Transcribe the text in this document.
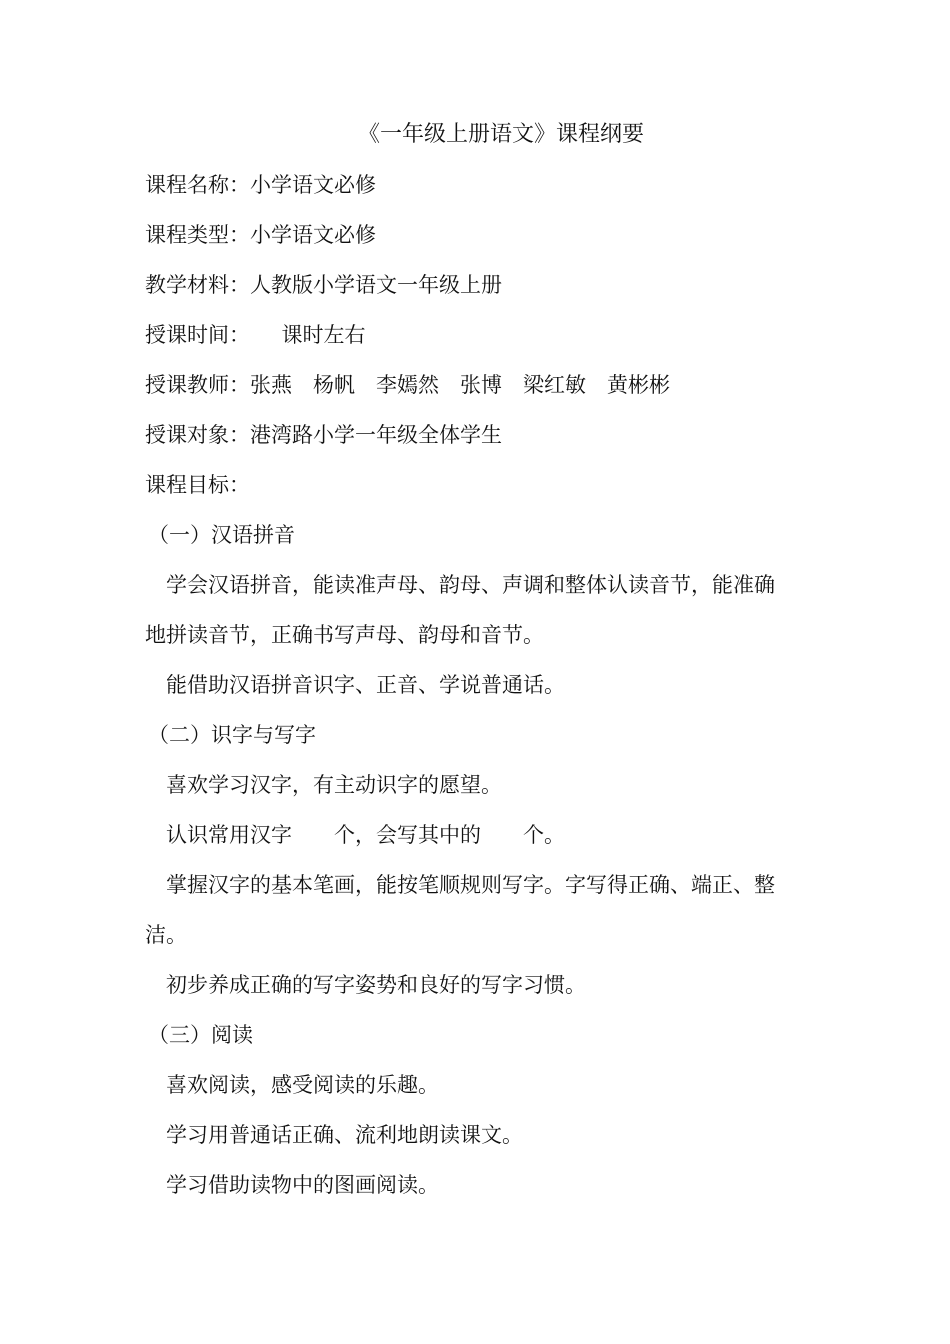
《一年级上册语文》课程纲要
课程名称：小学语文必修
课程类型：小学语文必修
教学材料：人教版小学语文一年级上册
授课时间：　　课时左右
授课教师：张燕　杨帆　李嫣然　张博　梁红敏　黄彬彬
授课对象：港湾路小学一年级全体学生
课程目标：
（一）汉语拼音
学会汉语拼音，能读准声母、韵母、声调和整体认读音节，能准确
地拼读音节，正确书写声母、韵母和音节。
能借助汉语拼音识字、正音、学说普通话。
（二）识字与写字
喜欢学习汉字，有主动识字的愿望。
认识常用汉字　　个，会写其中的　　个。
掌握汉字的基本笔画，能按笔顺规则写字。字写得正确、端正、整
洁。
初步养成正确的写字姿势和良好的写字习惯。
（三）阅读
喜欢阅读，感受阅读的乐趣。
学习用普通话正确、流利地朗读课文。
学习借助读物中的图画阅读。
